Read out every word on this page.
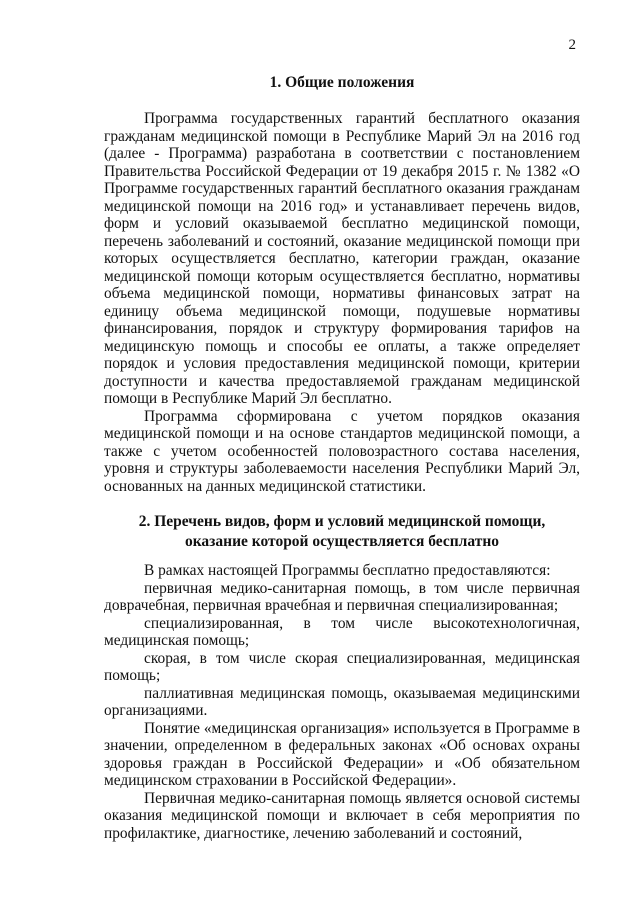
2
1. Общие положения

Программа государственных гарантий бесплатного оказания гражданам медицинской помощи в Республике Марий Эл на 2016 год (далее - Программа) разработана в соответствии с постановлением Правительства Российской Федерации от 19 декабря 2015 г. № 1382 «О Программе государственных гарантий бесплатного оказания гражданам медицинской помощи на 2016 год» и устанавливает перечень видов, форм и условий оказываемой бесплатно медицинской помощи, перечень заболеваний и состояний, оказание медицинской помощи при которых осуществляется бесплатно, категории граждан, оказание медицинской помощи которым осуществляется бесплатно, нормативы объема медицинской помощи, нормативы финансовых затрат на единицу объема медицинской помощи, подушевые нормативы финансирования, порядок и структуру формирования тарифов на медицинскую помощь и способы ее оплаты, а также определяет порядок и условия предоставления медицинской помощи, критерии доступности и качества предоставляемой гражданам медицинской помощи в Республике Марий Эл бесплатно.

Программа сформирована с учетом порядков оказания медицинской помощи и на основе стандартов медицинской помощи, а также с учетом особенностей половозрастного состава населения, уровня и структуры заболеваемости населения Республики Марий Эл, основанных на данных медицинской статистики.

2. Перечень видов, форм и условий медицинской помощи,
оказание которой осуществляется бесплатно

В рамках настоящей Программы бесплатно предоставляются:

первичная медико-санитарная помощь, в том числе первичная доврачебная, первичная врачебная и первичная специализированная;

специализированная, в том числе высокотехнологичная, медицинская помощь;

скорая, в том числе скорая специализированная, медицинская помощь;

паллиативная медицинская помощь, оказываемая медицинскими организациями.

Понятие «медицинская организация» используется в Программе в значении, определенном в федеральных законах «Об основах охраны здоровья граждан в Российской Федерации» и «Об обязательном медицинском страховании в Российской Федерации».

Первичная медико-санитарная помощь является основой системы оказания медицинской помощи и включает в себя мероприятия по профилактике, диагностике, лечению заболеваний и состояний,
